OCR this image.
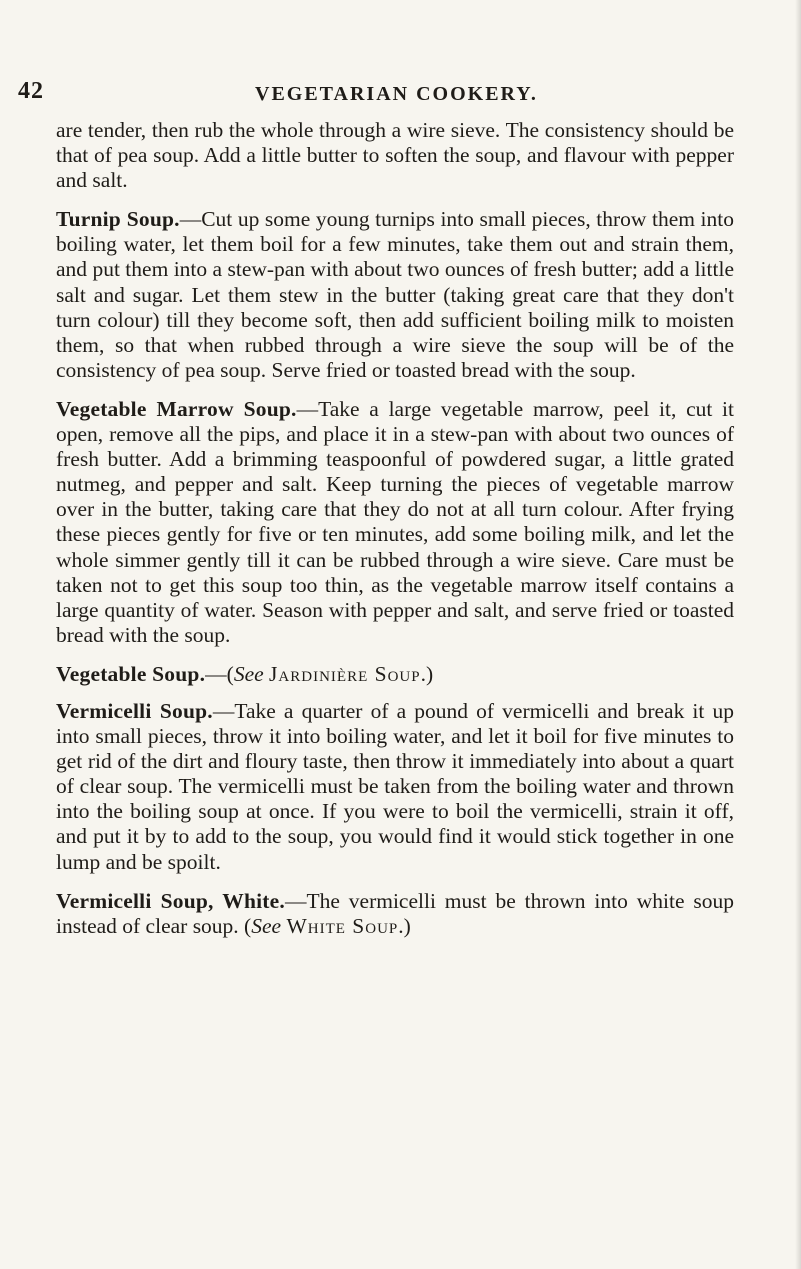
42	VEGETARIAN COOKERY.

are tender, then rub the whole through a wire sieve. The consistency should be that of pea soup. Add a little butter to soften the soup, and flavour with pepper and salt.

Turnip Soup.—Cut up some young turnips into small pieces, throw them into boiling water, let them boil for a few minutes, take them out and strain them, and put them into a stew-pan with about two ounces of fresh butter; add a little salt and sugar. Let them stew in the butter (taking great care that they don't turn colour) till they become soft, then add sufficient boiling milk to moisten them, so that when rubbed through a wire sieve the soup will be of the consistency of pea soup. Serve fried or toasted bread with the soup.

Vegetable Marrow Soup.—Take a large vegetable marrow, peel it, cut it open, remove all the pips, and place it in a stew-pan with about two ounces of fresh butter. Add a brimming teaspoonful of powdered sugar, a little grated nutmeg, and pepper and salt. Keep turning the pieces of vegetable marrow over in the butter, taking care that they do not at all turn colour. After frying these pieces gently for five or ten minutes, add some boiling milk, and let the whole simmer gently till it can be rubbed through a wire sieve. Care must be taken not to get this soup too thin, as the vegetable marrow itself contains a large quantity of water. Season with pepper and salt, and serve fried or toasted bread with the soup.

Vegetable Soup.—(See Jardinière Soup.)

Vermicelli Soup.—Take a quarter of a pound of vermicelli and break it up into small pieces, throw it into boiling water, and let it boil for five minutes to get rid of the dirt and floury taste, then throw it immediately into about a quart of clear soup. The vermicelli must be taken from the boiling water and thrown into the boiling soup at once. If you were to boil the vermicelli, strain it off, and put it by to add to the soup, you would find it would stick together in one lump and be spoilt.

Vermicelli Soup, White.—The vermicelli must be thrown into white soup instead of clear soup. (See White Soup.)
